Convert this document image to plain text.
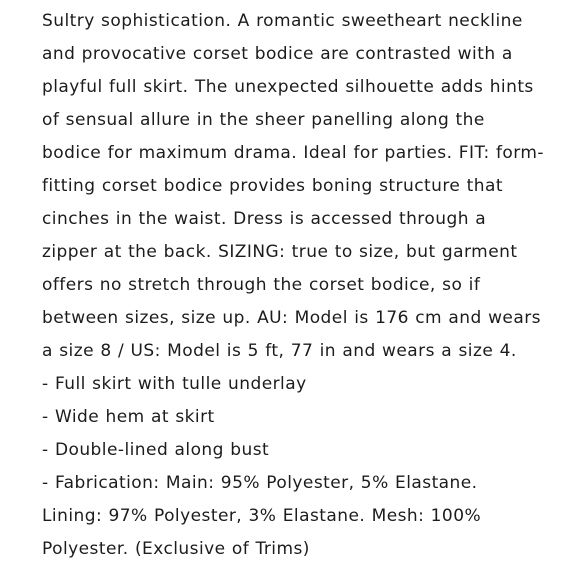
Sultry sophistication. A romantic sweetheart neckline
and provocative corset bodice are contrasted with a
playful full skirt. The unexpected silhouette adds hints
of sensual allure in the sheer panelling along the
bodice for maximum drama. Ideal for parties. FIT: form-
fitting corset bodice provides boning structure that
cinches in the waist. Dress is accessed through a
zipper at the back. SIZING: true to size, but garment
offers no stretch through the corset bodice, so if
between sizes, size up. AU: Model is 176 cm and wears
a size 8 / US: Model is 5 ft, 77 in and wears a size 4.
- Full skirt with tulle underlay
- Wide hem at skirt
- Double-lined along bust
- Fabrication: Main: 95% Polyester, 5% Elastane.
Lining: 97% Polyester, 3% Elastane. Mesh: 100%
Polyester. (Exclusive of Trims)
